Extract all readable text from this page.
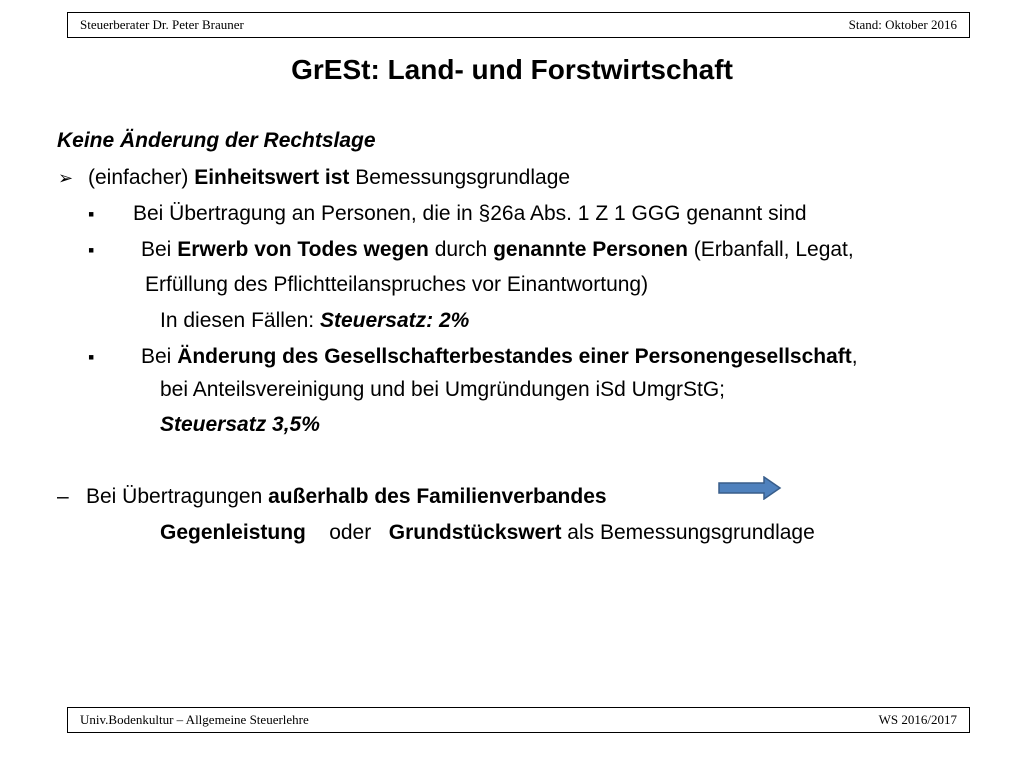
Steuerberater Dr. Peter Brauner	Stand: Oktober 2016
GrESt: Land- und Forstwirtschaft
Keine Änderung der Rechtslage
➢ (einfacher) Einheitswert ist Bemessungsgrundlage
▪ Bei Übertragung an Personen, die in §26a Abs. 1 Z 1 GGG genannt sind
▪ Bei Erwerb von Todes wegen durch genannte Personen (Erbanfall, Legat,
Erfüllung des Pflichtteilanspruches vor Einantwortung)
In diesen Fällen: Steuersatz: 2%
▪ Bei Änderung des Gesellschafterbestandes einer Personengesellschaft,
bei Anteilsvereinigung und bei Umgründungen iSd UmgrStG;
Steuersatz 3,5%
– Bei Übertragungen außerhalb des Familienverbandes
Gegenleistung    oder   Grundstückswert als Bemessungsgrundlage
Univ.Bodenkultur – Allgemeine Steuerlehre	WS 2016/2017
